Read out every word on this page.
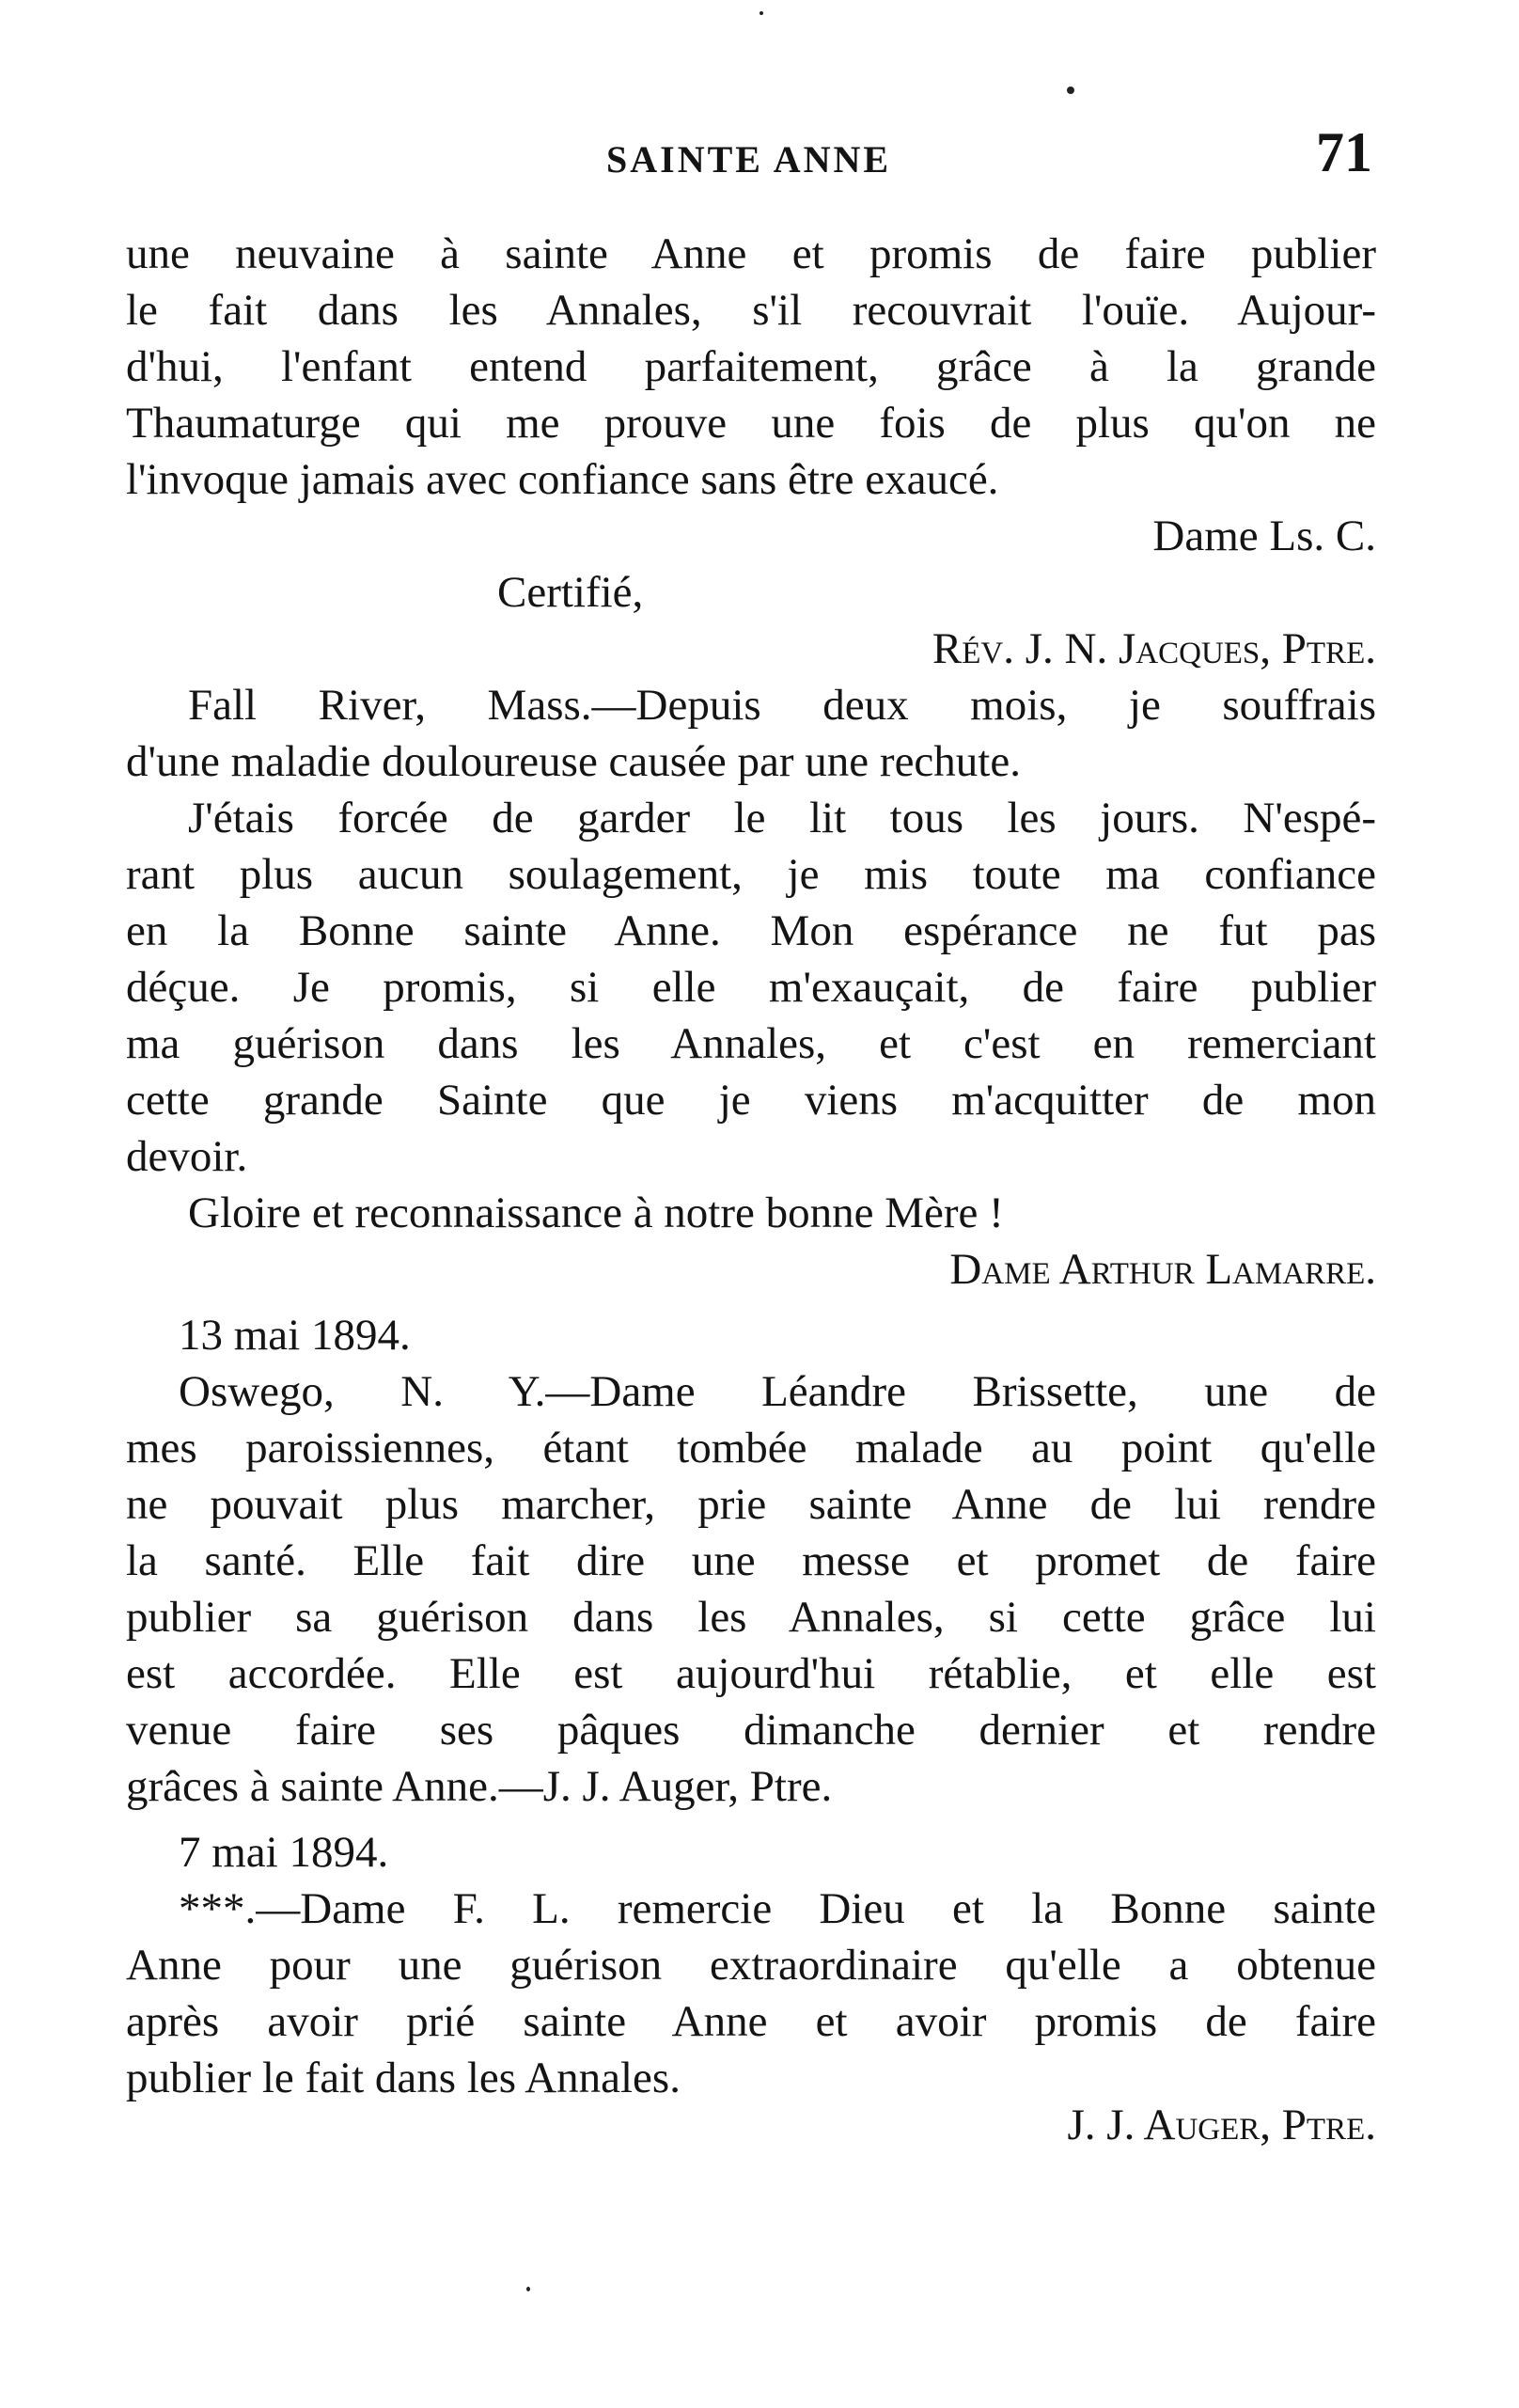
SAINTE ANNE	71
une neuvaine à sainte Anne et promis de faire publier
le fait dans les Annales, s'il recouvrait l'ouïe. Aujour-
d'hui, l'enfant entend parfaitement, grâce à la grande
Thaumaturge qui me prouve une fois de plus qu'on ne
l'invoque jamais avec confiance sans être exaucé.
Dame Ls. C.
Certifié,
Rév. J. N. Jacques, Ptre.
Fall River, Mass.—Depuis deux mois, je souffrais
d'une maladie douloureuse causée par une rechute.
J'étais forcée de garder le lit tous les jours. N'espé-
rant plus aucun soulagement, je mis toute ma confiance
en la Bonne sainte Anne. Mon espérance ne fut pas
déçue. Je promis, si elle m'exauçait, de faire publier
ma guérison dans les Annales, et c'est en remerciant
cette grande Sainte que je viens m'acquitter de mon
devoir.
Gloire et reconnaissance à notre bonne Mère !
Dame Arthur Lamarre.
13 mai 1894.
Oswego, N. Y.—Dame Léandre Brissette, une de
mes paroissiennes, étant tombée malade au point qu'elle
ne pouvait plus marcher, prie sainte Anne de lui rendre
la santé. Elle fait dire une messe et promet de faire
publier sa guérison dans les Annales, si cette grâce lui
est accordée. Elle est aujourd'hui rétablie, et elle est
venue faire ses pâques dimanche dernier et rendre
grâces à sainte Anne.—J. J. Auger, Ptre.
7 mai 1894.
***.—Dame F. L. remercie Dieu et la Bonne sainte
Anne pour une guérison extraordinaire qu'elle a obtenue
après avoir prié sainte Anne et avoir promis de faire
publier le fait dans les Annales.
J. J. Auger, Ptre.
